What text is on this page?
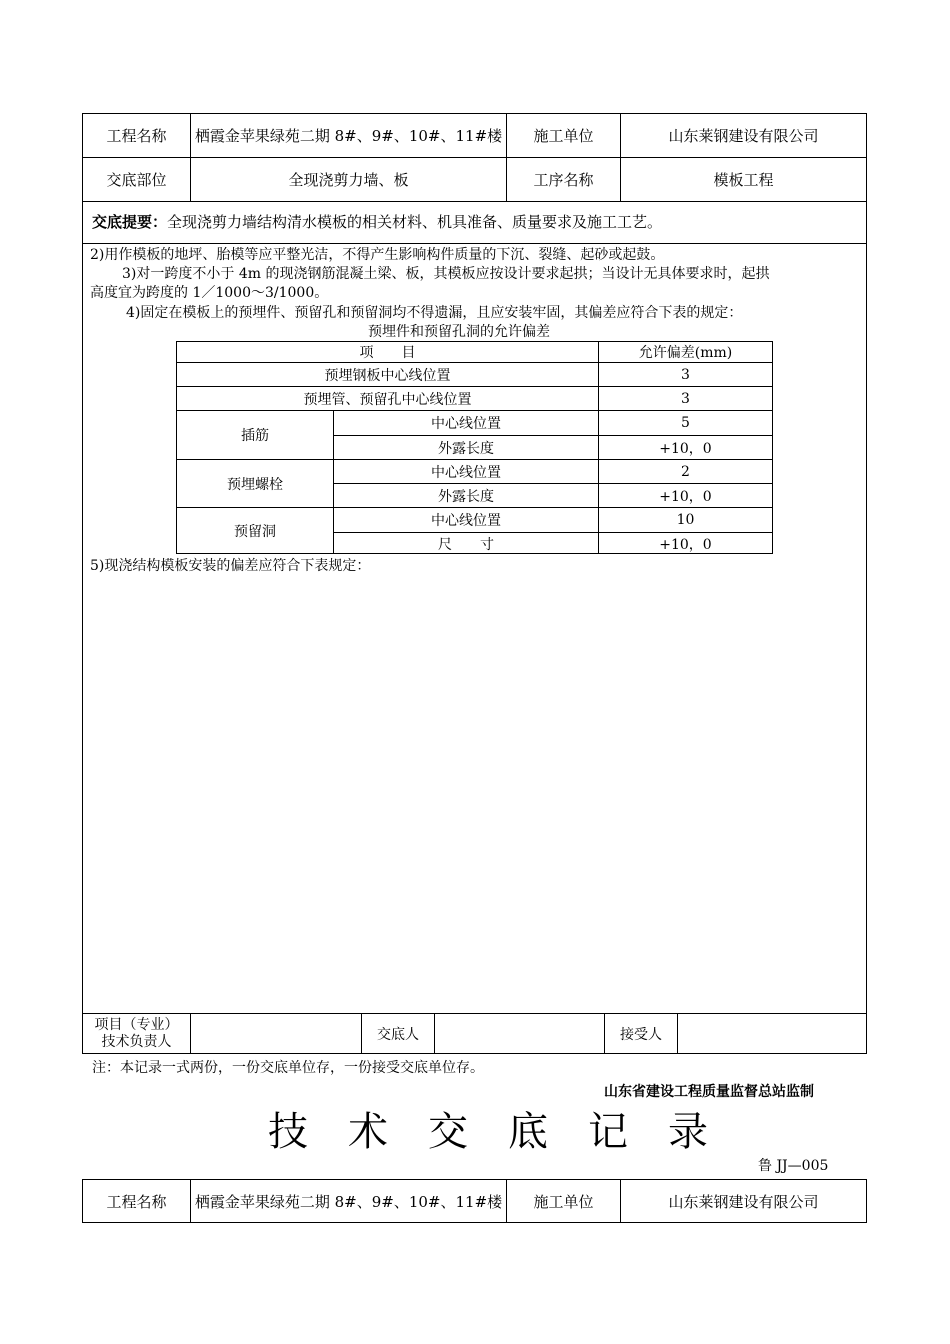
工程名称	栖霞金苹果绿苑二期 8#、9#、10#、11#楼	施工单位	山东莱钢建设有限公司
交底部位	全现浇剪力墙、板	工序名称	模板工程
交底提要：全现浇剪力墙结构清水模板的相关材料、机具准备、质量要求及施工工艺。
2)用作模板的地坪、胎模等应平整光洁，不得产生影响构件质量的下沉、裂缝、起砂或起鼓。
3)对一跨度不小于 4m 的现浇钢筋混凝土梁、板，其模板应按设计要求起拱；当设计无具体要求时，起拱
高度宜为跨度的 1／1000～3/1000。
4)固定在模板上的预埋件、预留孔和预留洞均不得遗漏，且应安装牢固，其偏差应符合下表的规定：
预埋件和预留孔洞的允许偏差
项　　目	允许偏差(mm)
预埋钢板中心线位置	3
预埋管、预留孔中心线位置	3
插筋
中心线位置	5
外露长度	+10，0
预埋螺栓
中心线位置	2
外露长度	+10，0
预留洞
中心线位置	10
尺　　寸	+10，0
5)现浇结构模板安装的偏差应符合下表规定：
项目（专业）
技术负责人	交底人	接受人
注：本记录一式两份，一份交底单位存，一份接受交底单位存。
山东省建设工程质量监督总站监制
技　术　交　底　记　录
鲁 JJ—005
工程名称	栖霞金苹果绿苑二期 8#、9#、10#、11#楼	施工单位	山东莱钢建设有限公司
